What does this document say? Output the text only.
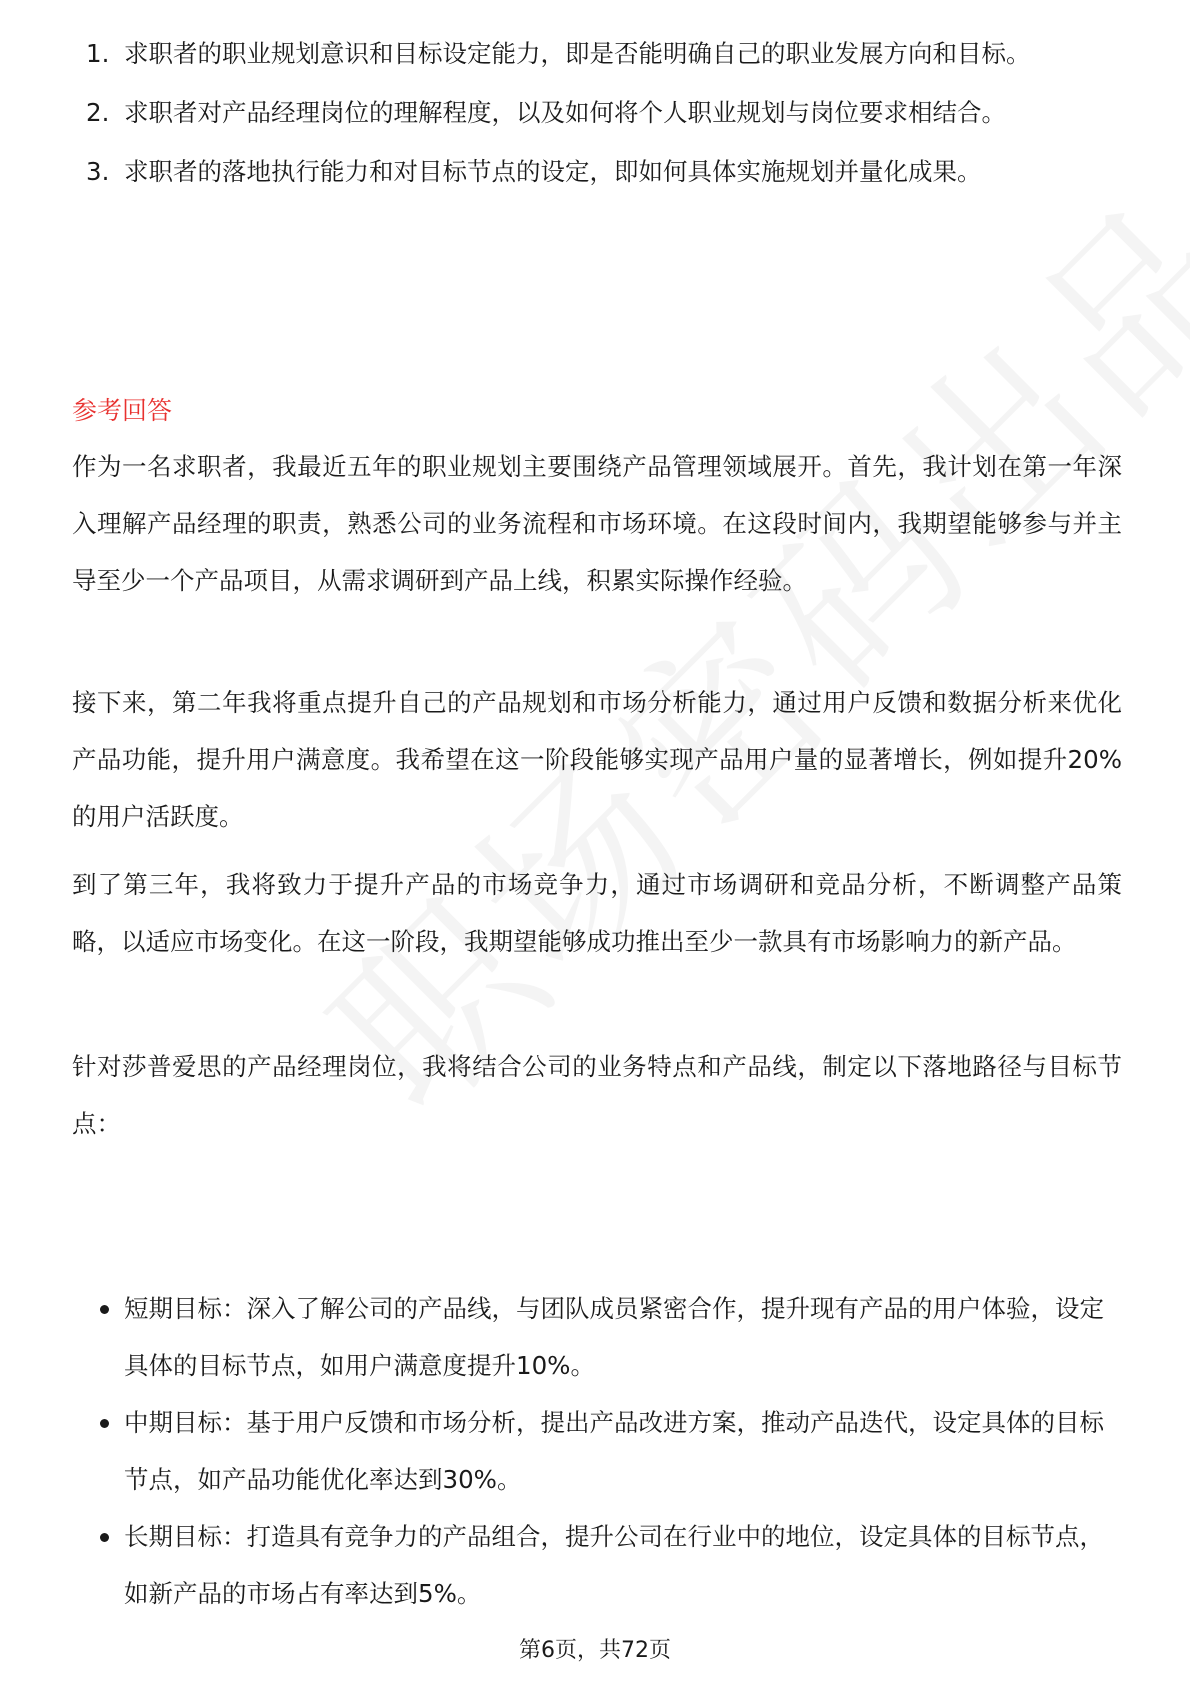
1. 求职者的职业规划意识和目标设定能力，即是否能明确自己的职业发展方向和目标。
2. 求职者对产品经理岗位的理解程度，以及如何将个人职业规划与岗位要求相结合。
3. 求职者的落地执行能力和对目标节点的设定，即如何具体实施规划并量化成果。
参考回答

作为一名求职者，我最近五年的职业规划主要围绕产品管理领域展开。首先，我计划在第一年深入理解产品经理的职责，熟悉公司的业务流程和市场环境。在这段时间内，我期望能够参与并主导至少一个产品项目，从需求调研到产品上线，积累实际操作经验。

接下来，第二年我将重点提升自己的产品规划和市场分析能力，通过用户反馈和数据分析来优化产品功能，提升用户满意度。我希望在这一阶段能够实现产品用户量的显著增长，例如提升20%的用户活跃度。

到了第三年，我将致力于提升产品的市场竞争力，通过市场调研和竞品分析，不断调整产品策略，以适应市场变化。在这一阶段，我期望能够成功推出至少一款具有市场影响力的新产品。

针对莎普爱思的产品经理岗位，我将结合公司的业务特点和产品线，制定以下落地路径与目标节点：

短期目标：深入了解公司的产品线，与团队成员紧密合作，提升现有产品的用户体验，设定具体的目标节点，如用户满意度提升10%。
中期目标：基于用户反馈和市场分析，提出产品改进方案，推动产品迭代，设定具体的目标节点，如产品功能优化率达到30%。
长期目标：打造具有竞争力的产品组合，提升公司在行业中的地位，设定具体的目标节点，如新产品的市场占有率达到5%。
第6页，共72页
